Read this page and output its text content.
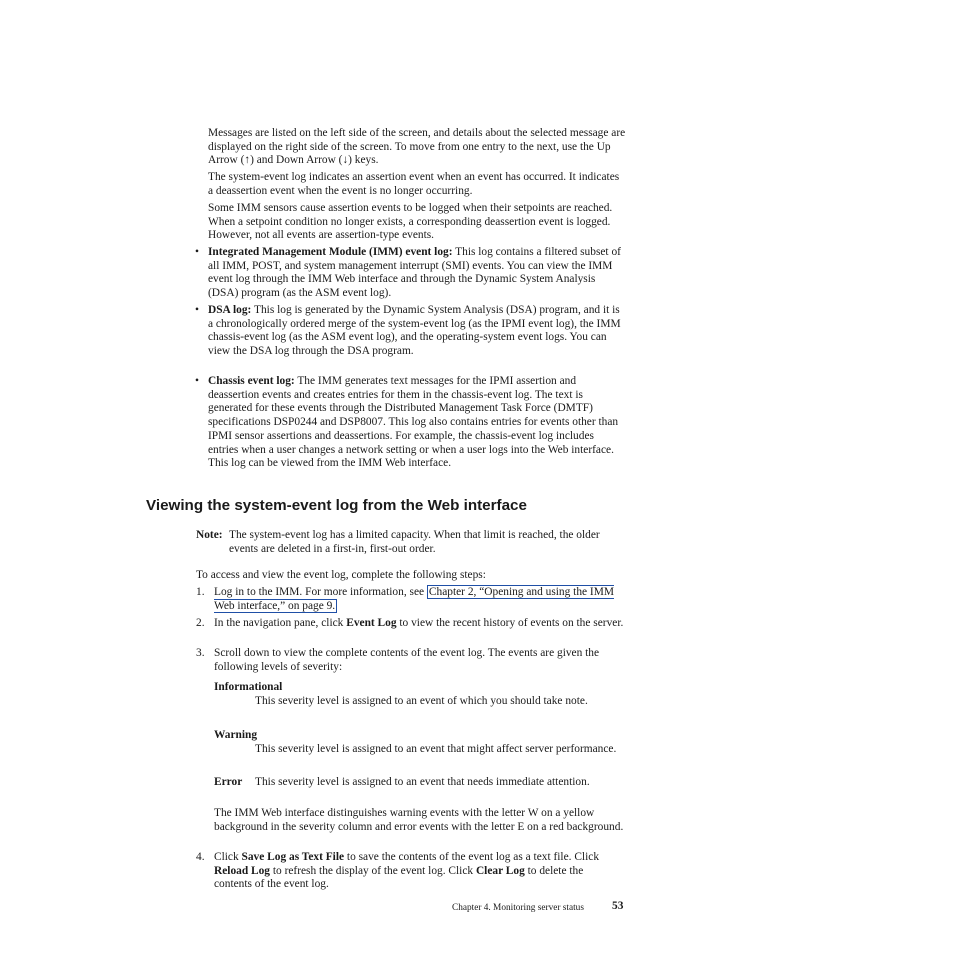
Messages are listed on the left side of the screen, and details about the selected message are displayed on the right side of the screen. To move from one entry to the next, use the Up Arrow (↑) and Down Arrow (↓) keys.

The system-event log indicates an assertion event when an event has occurred. It indicates a deassertion event when the event is no longer occurring.

Some IMM sensors cause assertion events to be logged when their setpoints are reached. When a setpoint condition no longer exists, a corresponding deassertion event is logged. However, not all events are assertion-type events.

• Integrated Management Module (IMM) event log: This log contains a filtered subset of all IMM, POST, and system management interrupt (SMI) events. You can view the IMM event log through the IMM Web interface and through the Dynamic System Analysis (DSA) program (as the ASM event log).

• DSA log: This log is generated by the Dynamic System Analysis (DSA) program, and it is a chronologically ordered merge of the system-event log (as the IPMI event log), the IMM chassis-event log (as the ASM event log), and the operating-system event logs. You can view the DSA log through the DSA program.

• Chassis event log: The IMM generates text messages for the IPMI assertion and deassertion events and creates entries for them in the chassis-event log. The text is generated for these events through the Distributed Management Task Force (DMTF) specifications DSP0244 and DSP8007. This log also contains entries for events other than IPMI sensor assertions and deassertions. For example, the chassis-event log includes entries when a user changes a network setting or when a user logs into the Web interface. This log can be viewed from the IMM Web interface.

Viewing the system-event log from the Web interface
Note: The system-event log has a limited capacity. When that limit is reached, the older events are deleted in a first-in, first-out order.

To access and view the event log, complete the following steps:

1. Log in to the IMM. For more information, see Chapter 2, “Opening and using the IMM Web interface,” on page 9.

2. In the navigation pane, click Event Log to view the recent history of events on the server.

3. Scroll down to view the complete contents of the event log. The events are given the following levels of severity:

Informational

This severity level is assigned to an event of which you should take note.

Warning

This severity level is assigned to an event that might affect server performance.

Error This severity level is assigned to an event that needs immediate attention.

The IMM Web interface distinguishes warning events with the letter W on a yellow background in the severity column and error events with the letter E on a red background.

4. Click Save Log as Text File to save the contents of the event log as a text file. Click Reload Log to refresh the display of the event log. Click Clear Log to delete the contents of the event log.

Chapter 4. Monitoring server status 53
